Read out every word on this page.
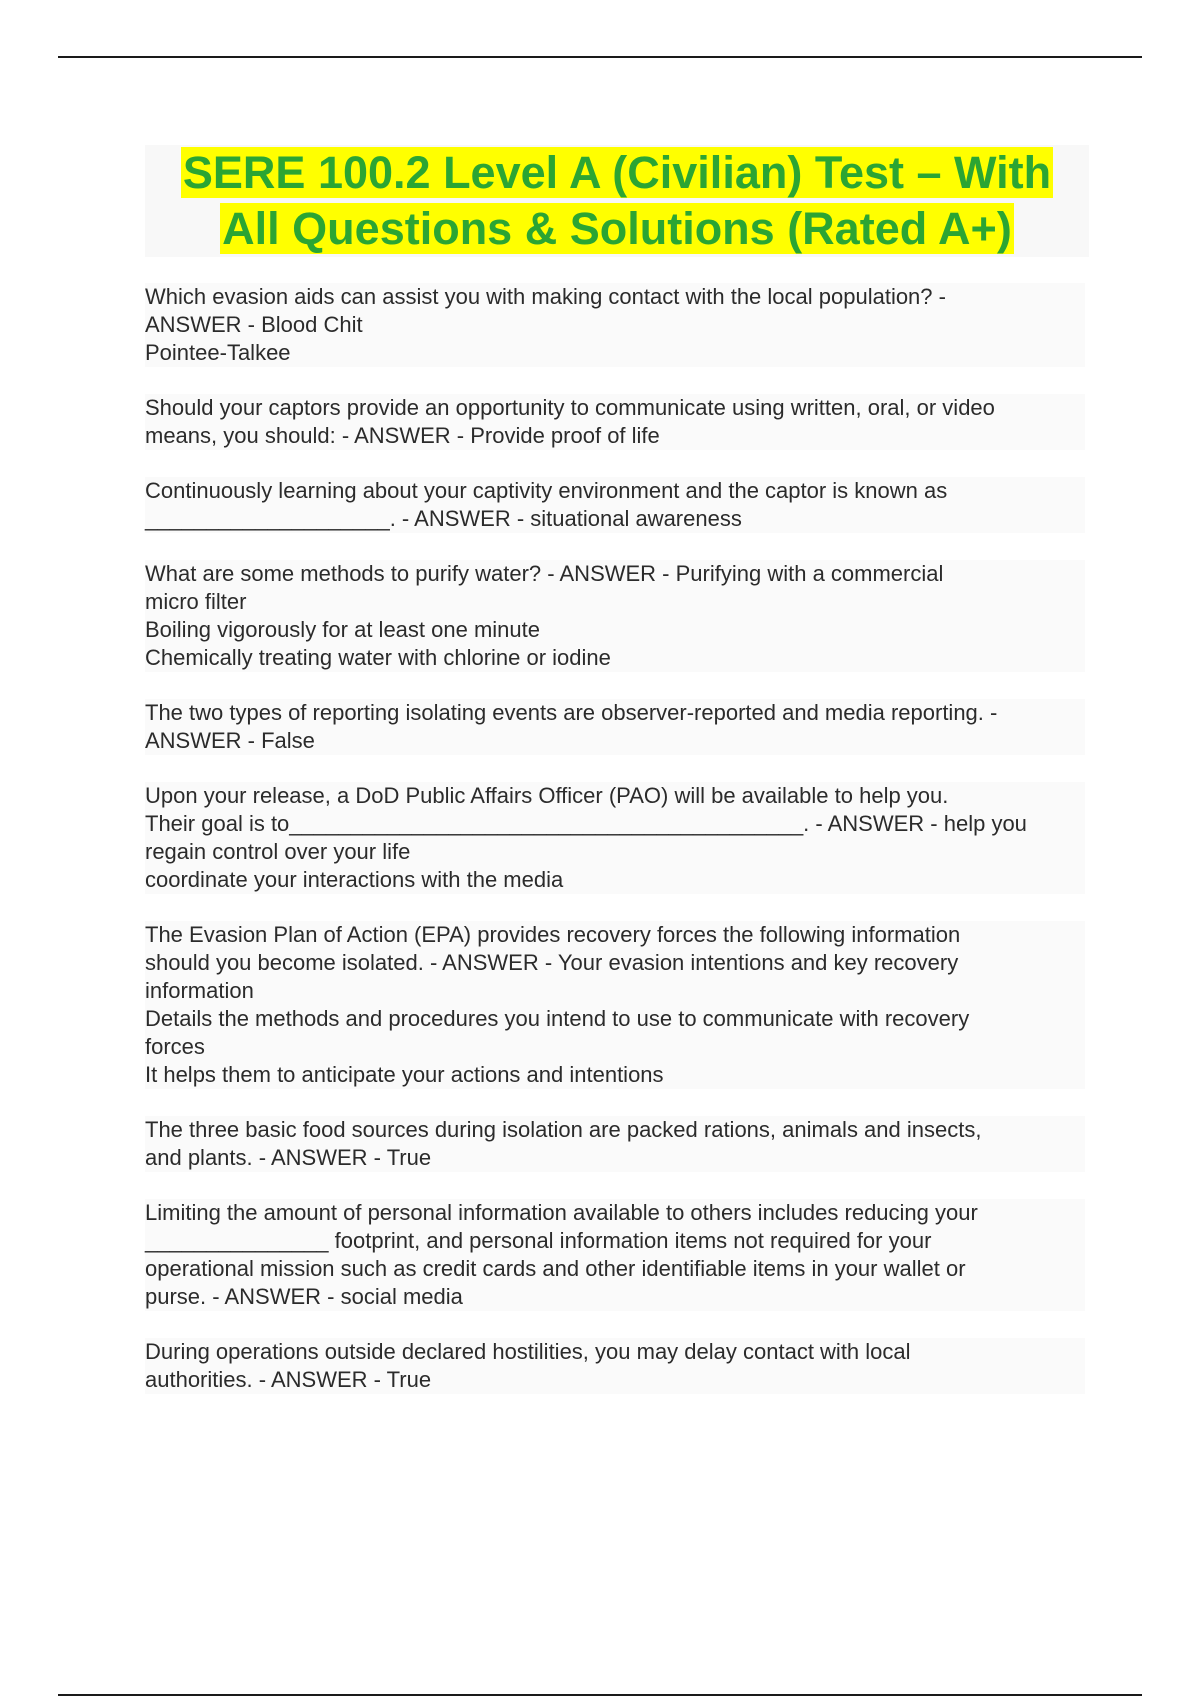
SERE 100.2 Level A (Civilian) Test – With
All Questions & Solutions (Rated A+)
Which evasion aids can assist you with making contact with the local population? -
ANSWER - Blood Chit
Pointee-Talkee
Should your captors provide an opportunity to communicate using written, oral, or video
means, you should: - ANSWER - Provide proof of life
Continuously learning about your captivity environment and the captor is known as
____________________. - ANSWER - situational awareness
What are some methods to purify water? - ANSWER - Purifying with a commercial
micro filter
Boiling vigorously for at least one minute
Chemically treating water with chlorine or iodine
The two types of reporting isolating events are observer-reported and media reporting. -
ANSWER - False
Upon your release, a DoD Public Affairs Officer (PAO) will be available to help you.
Their goal is to__________________________________________. - ANSWER - help you
regain control over your life
coordinate your interactions with the media
The Evasion Plan of Action (EPA) provides recovery forces the following information
should you become isolated. - ANSWER - Your evasion intentions and key recovery
information
Details the methods and procedures you intend to use to communicate with recovery
forces
It helps them to anticipate your actions and intentions
The three basic food sources during isolation are packed rations, animals and insects,
and plants. - ANSWER - True
Limiting the amount of personal information available to others includes reducing your
_______________ footprint, and personal information items not required for your
operational mission such as credit cards and other identifiable items in your wallet or
purse. - ANSWER - social media
During operations outside declared hostilities, you may delay contact with local
authorities. - ANSWER - True
